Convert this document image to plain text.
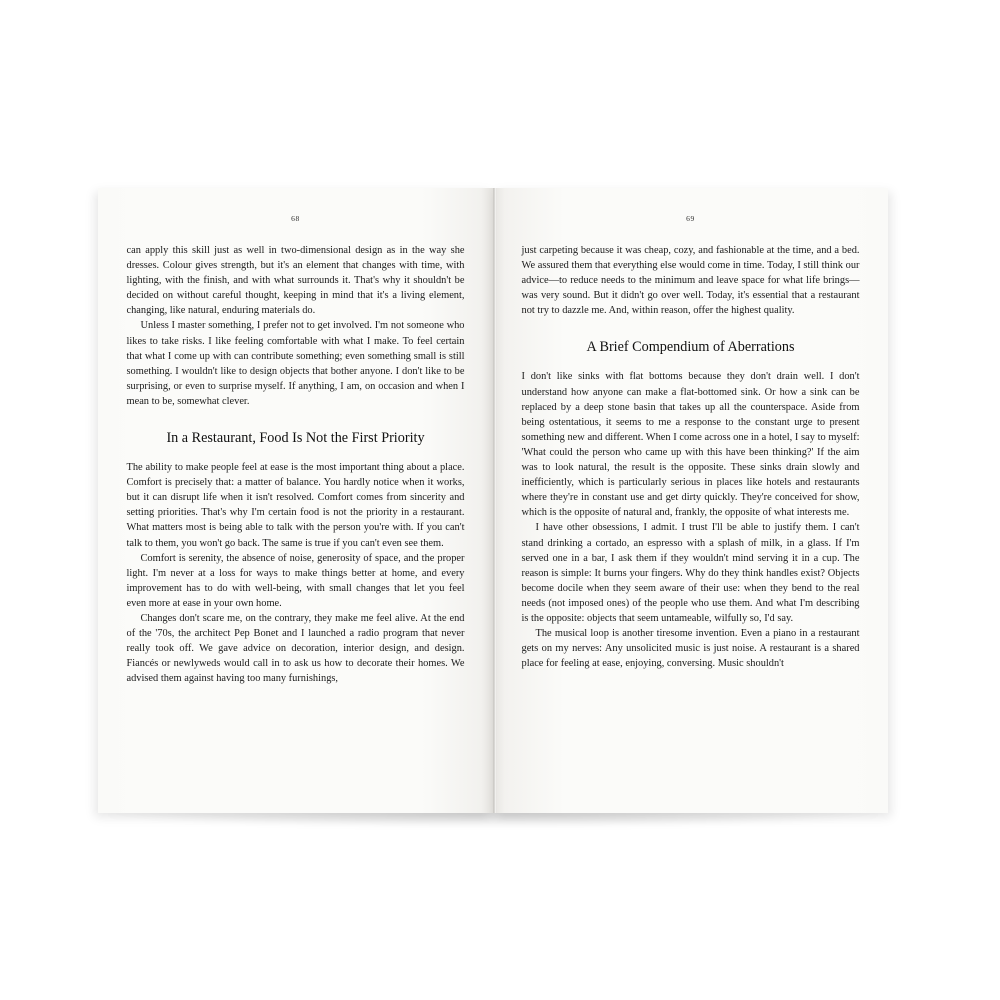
68

can apply this skill just as well in two-dimensional design as in the way she dresses. Colour gives strength, but it's an element that changes with time, with lighting, with the finish, and with what surrounds it. That's why it shouldn't be decided on without careful thought, keeping in mind that it's a living element, changing, like natural, enduring materials do.

Unless I master something, I prefer not to get involved. I'm not someone who likes to take risks. I like feeling comfortable with what I make. To feel certain that what I come up with can contribute something; even something small is still something. I wouldn't like to design objects that bother anyone. I don't like to be surprising, or even to surprise myself. If anything, I am, on occasion and when I mean to be, somewhat clever.

In a Restaurant, Food Is Not the First Priority

The ability to make people feel at ease is the most important thing about a place. Comfort is precisely that: a matter of balance. You hardly notice when it works, but it can disrupt life when it isn't resolved. Comfort comes from sincerity and setting priorities. That's why I'm certain food is not the priority in a restaurant. What matters most is being able to talk with the person you're with. If you can't talk to them, you won't go back. The same is true if you can't even see them.

Comfort is serenity, the absence of noise, generosity of space, and the proper light. I'm never at a loss for ways to make things better at home, and every improvement has to do with well-being, with small changes that let you feel even more at ease in your own home.

Changes don't scare me, on the contrary, they make me feel alive. At the end of the '70s, the architect Pep Bonet and I launched a radio program that never really took off. We gave advice on decoration, interior design, and design. Fiancés or newlyweds would call in to ask us how to decorate their homes. We advised them against having too many furnishings,

69

just carpeting because it was cheap, cozy, and fashionable at the time, and a bed. We assured them that everything else would come in time. Today, I still think our advice—to reduce needs to the minimum and leave space for what life brings—was very sound. But it didn't go over well. Today, it's essential that a restaurant not try to dazzle me. And, within reason, offer the highest quality.

A Brief Compendium of Aberrations

I don't like sinks with flat bottoms because they don't drain well. I don't understand how anyone can make a flat-bottomed sink. Or how a sink can be replaced by a deep stone basin that takes up all the counterspace. Aside from being ostentatious, it seems to me a response to the constant urge to present something new and different. When I come across one in a hotel, I say to myself: 'What could the person who came up with this have been thinking?' If the aim was to look natural, the result is the opposite. These sinks drain slowly and inefficiently, which is particularly serious in places like hotels and restaurants where they're in constant use and get dirty quickly. They're conceived for show, which is the opposite of natural and, frankly, the opposite of what interests me.

I have other obsessions, I admit. I trust I'll be able to justify them. I can't stand drinking a cortado, an espresso with a splash of milk, in a glass. If I'm served one in a bar, I ask them if they wouldn't mind serving it in a cup. The reason is simple: It burns your fingers. Why do they think handles exist? Objects become docile when they seem aware of their use: when they bend to the real needs (not imposed ones) of the people who use them. And what I'm describing is the opposite: objects that seem untameable, wilfully so, I'd say.

The musical loop is another tiresome invention. Even a piano in a restaurant gets on my nerves: Any unsolicited music is just noise. A restaurant is a shared place for feeling at ease, enjoying, conversing. Music shouldn't
